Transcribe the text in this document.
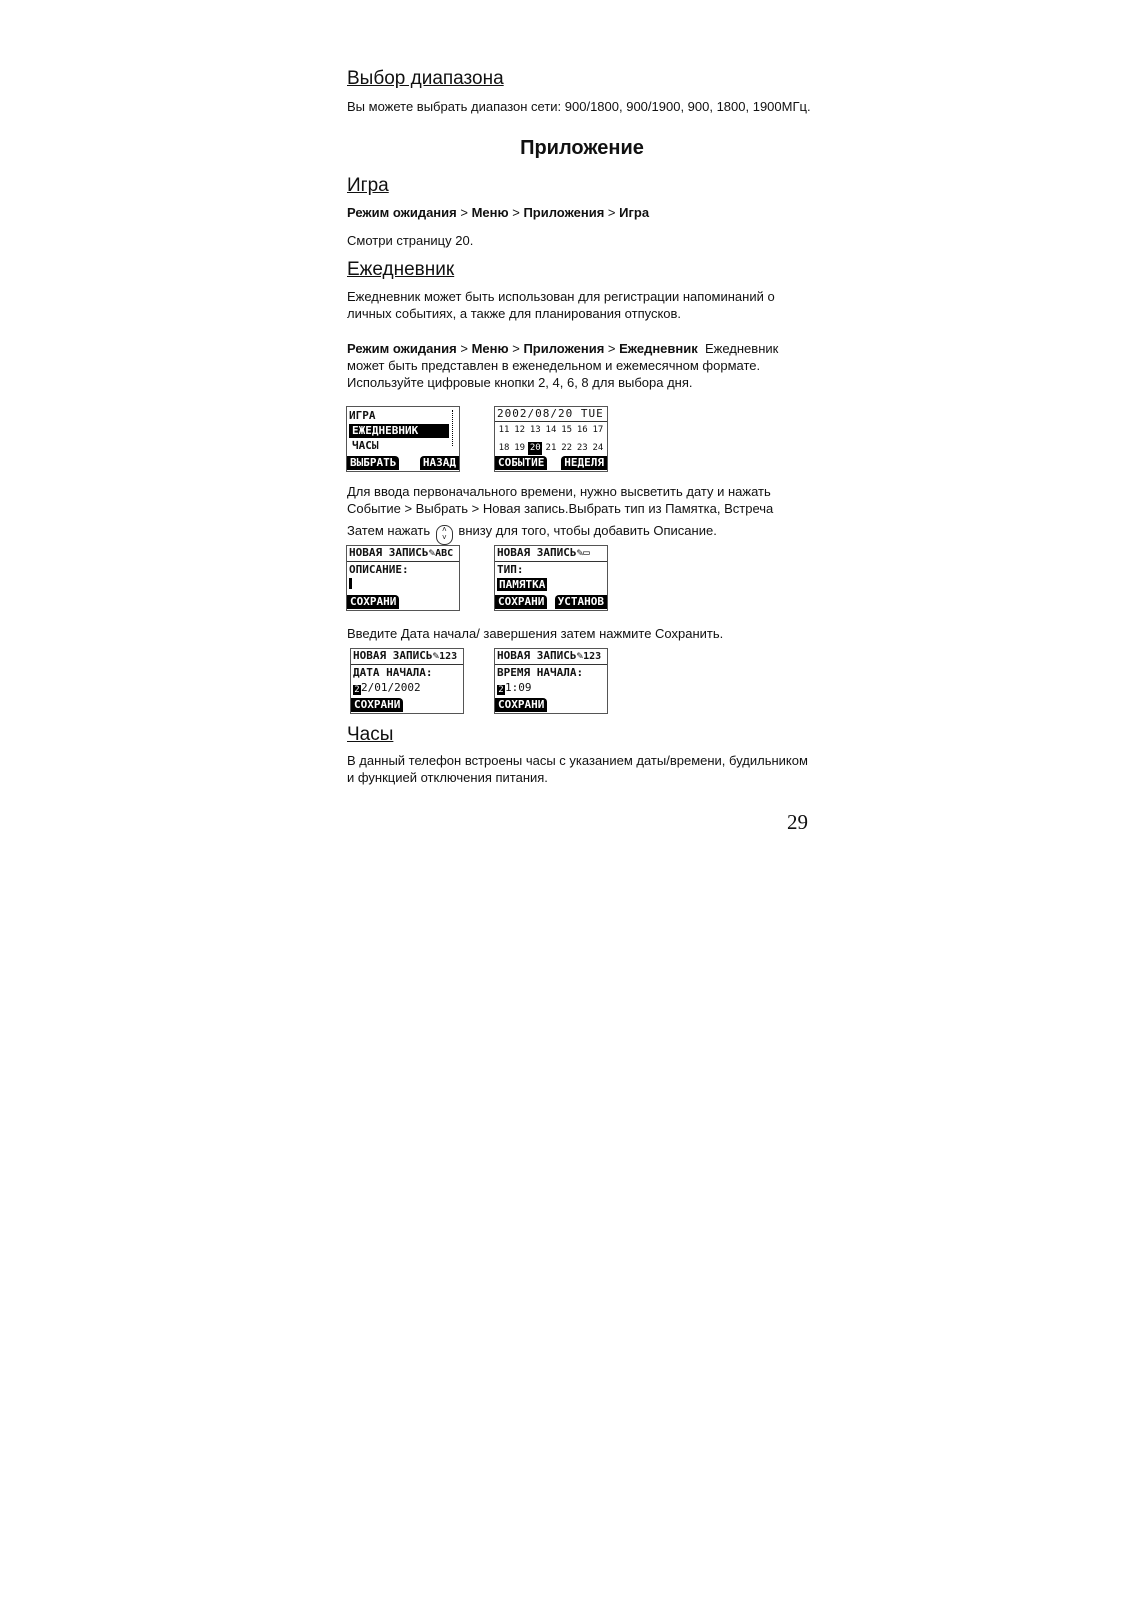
Выбор диапазона

Вы можете выбрать диапазон сети: 900/1800, 900/1900, 900, 1800, 1900МГц.

Приложение
Игра

Режим ожидания > Меню > Приложения > Игра

Смотри страницу 20.

Ежедневник

Ежедневник может быть использован для регистрации напоминаний о личных событиях, а также для планирования отпусков.

Режим ожидания > Меню > Приложения > Ежедневник Ежедневник может быть представлен в еженедельном и ежемесячном формате. Используйте цифровые кнопки 2, 4, 6, 8 для выбора дня.

ИГРА
ЕЖЕДНЕВНИК
ЧАСЫ
ВЫБРАТЬ НАЗАД
2002/08/20 TUE
11 12 13 14 15 16 17
18 19 20 21 22 23 24
СОБЫТИЕ НЕДЕЛЯ

Для ввода первоначального времени, нужно высветить дату и нажать Событие > Выбрать > Новая запись.Выбрать тип из Памятка, Встреча

Затем нажать ˄
˅ внизу для того, чтобы добавить Описание.

НОВАЯ ЗАПИСЬ✎ABC
ОПИСАНИЕ:
СОХРАНИ
НОВАЯ ЗАПИСЬ✎▭
ТИП:
ПАМЯТКА
СОХРАНИ УСТАНОВ

Введите Дата начала/ завершения затем нажмите Сохранить.

НОВАЯ ЗАПИСЬ✎123
ДАТА НАЧАЛА:
22/01/2002
СОХРАНИ
НОВАЯ ЗАПИСЬ✎123
ВРЕМЯ НАЧАЛА:
21:09
СОХРАНИ
Часы

В данный телефон встроены часы с указанием даты/времени, будильником и функцией отключения питания.

29
